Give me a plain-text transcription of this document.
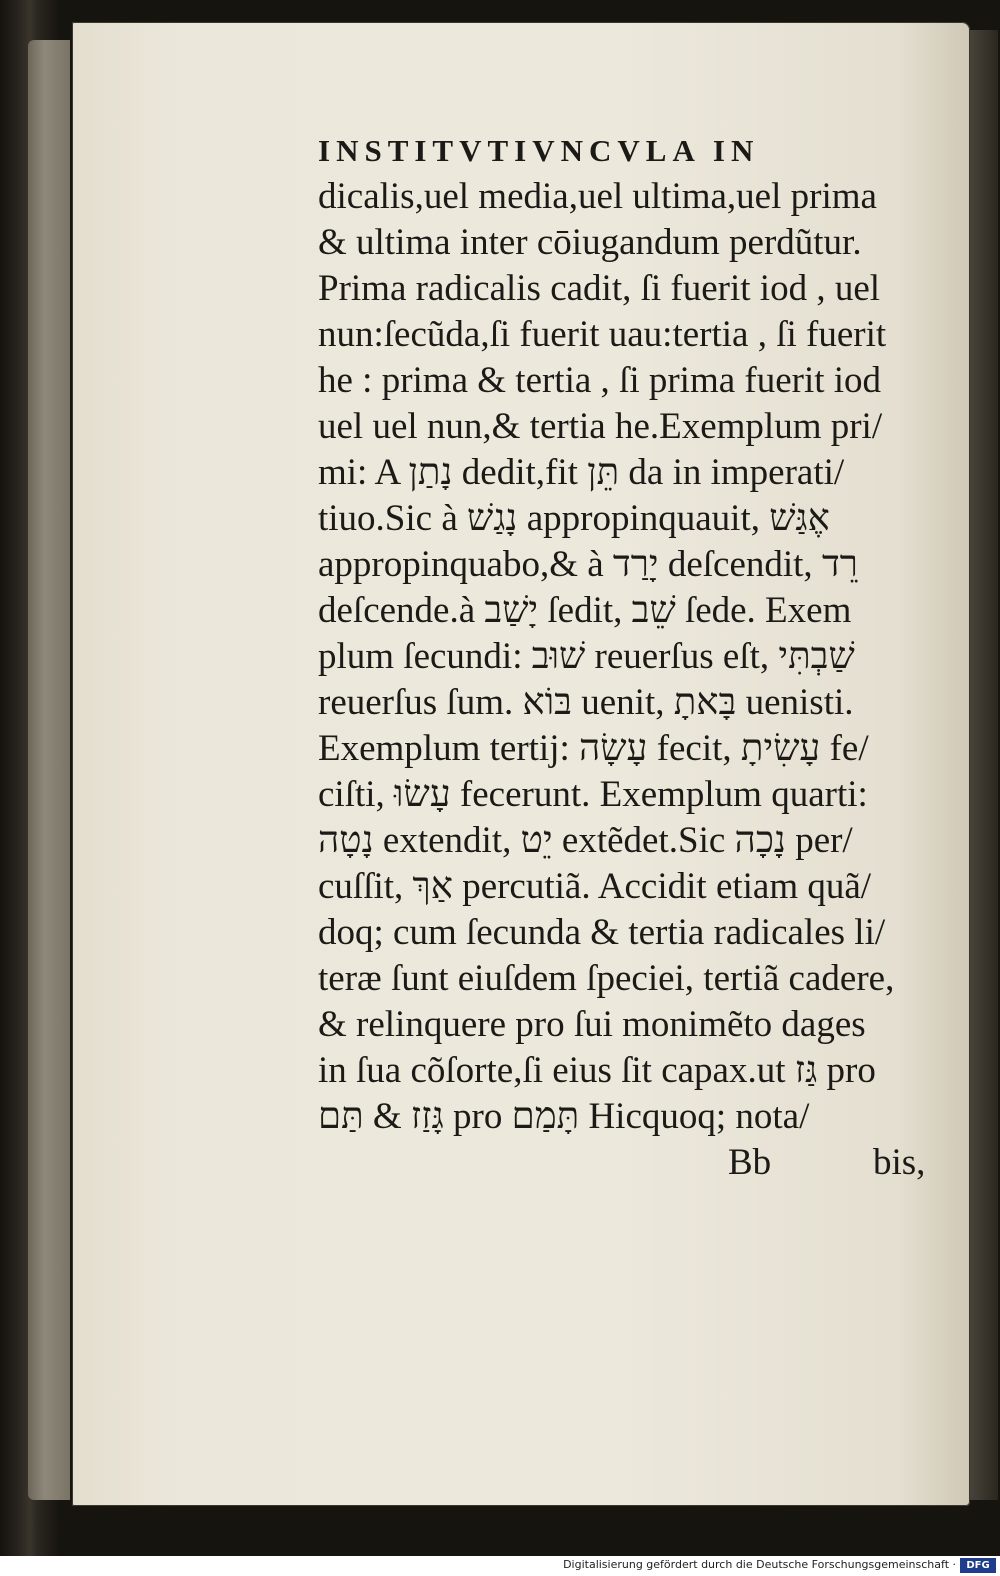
INSTITVTIVNCVLA IN
dicalis,uel media,uel ultima,uel prima
& ultima inter cōiugandum perdũtur.
Prima radicalis cadit, ſi fuerit iod , uel
nun:ſecũda,ſi fuerit uau:tertia , ſi fuerit
he : prima & tertia , ſi prima fuerit iod
uel uel nun,& tertia he.Exemplum pri/
mi: A נָתַן dedit,fit תֵּן da in imperati/
tiuo.Sic à נָגַשׁ appropinquauit, אֶגַּשׁ
appropinquabo,& à יָרַד deſcendit, רֵד
deſcende.à יָשַׁב ſedit, שֵׁב ſede. Exem
plum ſecundi: שׁוּב reuerſus eſt, שַׁבְתִּי
reuerſus ſum. בּוֹא uenit, בָּאתָ uenisti.
Exemplum tertij: עָשָׂה fecit, עָשִׂיתָ fe/
ciſti, עָשׂוּ fecerunt. Exemplum quarti:
נָטָה extendit, יֵט extẽdet.Sic נָכָה per/
cuſſit, אַךְ percutiã. Accidit etiam quã/
doq; cum ſecunda & tertia radicales li/
teræ ſunt eiuſdem ſpeciei, tertiã cadere,
& relinquere pro ſui monimẽto dages
in ſua cõſorte,ſi eius ſit capax.ut גַּז pro
גָּזַז & תַּם pro תָּמַם Hicquoq; nota/
Bb	bis,
Digitalisierung gefördert durch die Deutsche Forschungsgemeinschaft ·	DFG
